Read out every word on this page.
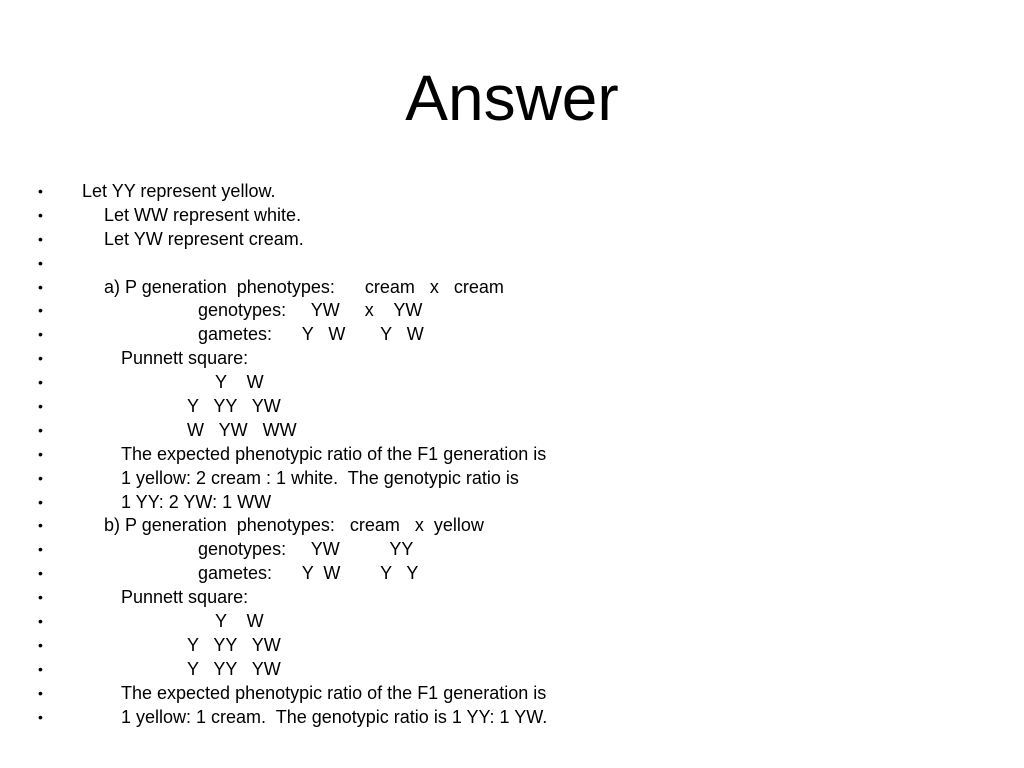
Answer
• Let YY represent yellow.
•	Let WW represent white.
•	Let YW represent cream.
•
•	a) P generation  phenotypes:      cream   x   cream
•	genotypes:     YW     x    YW
•	gametes:      Y   W       Y   W
•	Punnett square:
•	Y    W
•	Y   YY   YW
•	W   YW   WW
•	The expected phenotypic ratio of the F1 generation is
•	1 yellow: 2 cream : 1 white.  The genotypic ratio is
•	1 YY: 2 YW: 1 WW
•	b) P generation  phenotypes:   cream   x  yellow
•	genotypes:     YW          YY
•	gametes:      Y  W        Y   Y
•	Punnett square:
•	Y    W
•	Y   YY   YW
•	Y   YY   YW
•	The expected phenotypic ratio of the F1 generation is
•	1 yellow: 1 cream.  The genotypic ratio is 1 YY: 1 YW.
